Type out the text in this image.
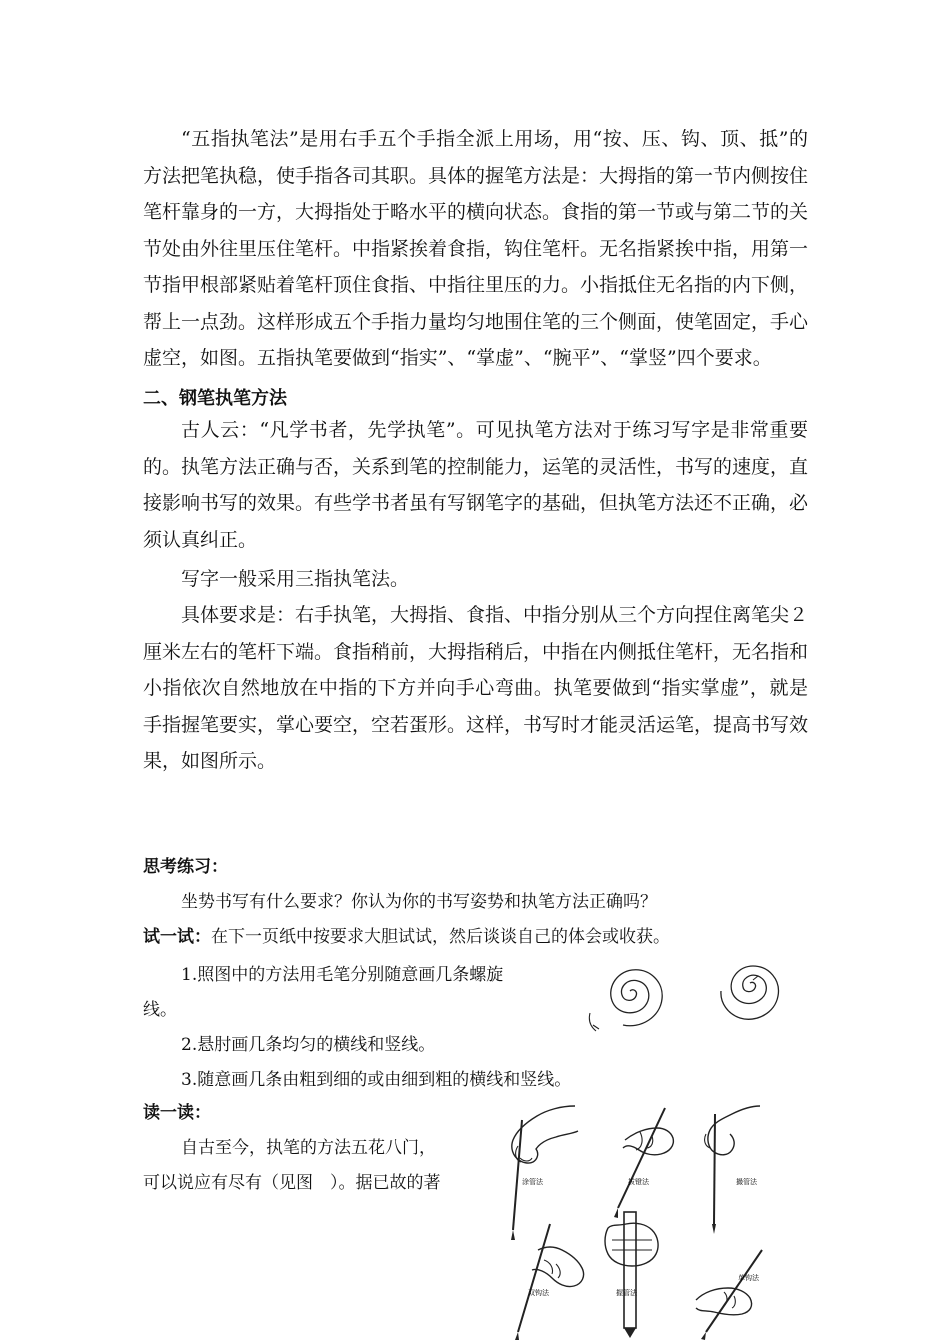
“五指执笔法”是用右手五个手指全派上用场，用“按、压、钩、顶、抵”的方法把笔执稳，使手指各司其职。具体的握笔方法是：大拇指的第一节内侧按住笔杆靠身的一方，大拇指处于略水平的横向状态。食指的第一节或与第二节的关节处由外往里压住笔杆。中指紧挨着食指，钩住笔杆。无名指紧挨中指，用第一节指甲根部紧贴着笔杆顶住食指、中指往里压的力。小指抵住无名指的内下侧，帮上一点劲。这样形成五个手指力量均匀地围住笔的三个侧面，使笔固定，手心虚空，如图。五指执笔要做到“指实”、“掌虚”、“腕平”、“掌竖”四个要求。

二、钢笔执笔方法

古人云：“凡学书者，先学执笔”。可见执笔方法对于练习写字是非常重要的。执笔方法正确与否，关系到笔的控制能力，运笔的灵活性，书写的速度，直接影响书写的效果。有些学书者虽有写钢笔字的基础，但执笔方法还不正确，必须认真纠正。

写字一般采用三指执笔法。

具体要求是：右手执笔，大拇指、食指、中指分别从三个方向捏住离笔尖２厘米左右的笔杆下端。食指稍前，大拇指稍后，中指在内侧抵住笔杆，无名指和小指依次自然地放在中指的下方并向手心弯曲。执笔要做到“指实掌虚”，就是手指握笔要实，掌心要空，空若蛋形。这样，书写时才能灵活运笔，提高书写效果，如图所示。

思考练习：

坐势书写有什么要求？你认为你的书写姿势和执笔方法正确吗？

试一试：在下一页纸中按要求大胆试试，然后谈谈自己的体会或收获。

1.照图中的方法用毛笔分别随意画几条螺旋

线。

2.悬肘画几条均匀的横线和竖线。

3.随意画几条由粗到细的或由细到粗的横线和竖线。

读一读：

自古至今，执笔的方法五花八门，

可以说应有尽有（见图　）。据已故的著	涂管法	拔镫法	撮管法
双钩法	握管法
单钩法
